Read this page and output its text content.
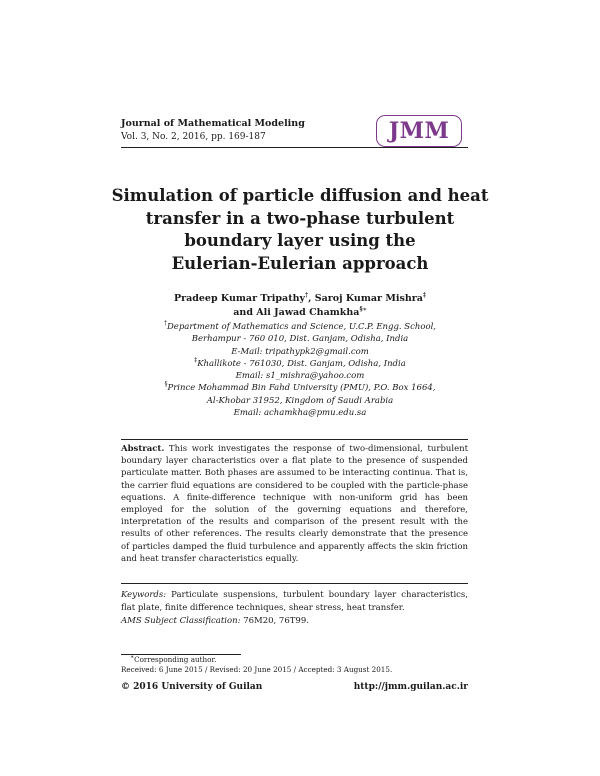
Journal of Mathematical Modeling
Vol. 3, No. 2, 2016, pp. 169-187	JMM
Simulation of particle diffusion and heat
transfer in a two-phase turbulent
boundary layer using the
Eulerian-Eulerian approach
Pradeep Kumar Tripathy†, Saroj Kumar Mishra‡
and Ali Jawad Chamkha§∗
†Department of Mathematics and Science, U.C.P. Engg. School,
Berhampur - 760 010, Dist. Ganjam, Odisha, India
E-Mail: tripathypk2@gmail.com
‡Khallikote - 761030, Dist. Ganjam, Odisha, India
Email: s1_mishra@yahoo.com
§Prince Mohammad Bin Fahd University (PMU), P.O. Box 1664,
Al-Khobar 31952, Kingdom of Saudi Arabia
Email: achamkha@pmu.edu.sa
Abstract. This work investigates the response of two-dimensional, turbulent boundary layer characteristics over a flat plate to the presence of suspended particulate matter. Both phases are assumed to be interacting continua. That is, the carrier fluid equations are considered to be coupled with the particle-phase equations. A finite-difference technique with non-uniform grid has been employed for the solution of the governing equations and therefore, interpretation of the results and comparison of the present result with the results of other references. The results clearly demonstrate that the presence of particles damped the fluid turbulence and apparently affects the skin friction and heat transfer characteristics equally.
Keywords: Particulate suspensions, turbulent boundary layer characteristics, flat plate, finite difference techniques, shear stress, heat transfer.
AMS Subject Classification: 76M20, 76T99.
∗Corresponding author.
Received: 6 June 2015 / Revised: 20 June 2015 / Accepted: 3 August 2015.
© 2016 University of Guilan	http://jmm.guilan.ac.ir
